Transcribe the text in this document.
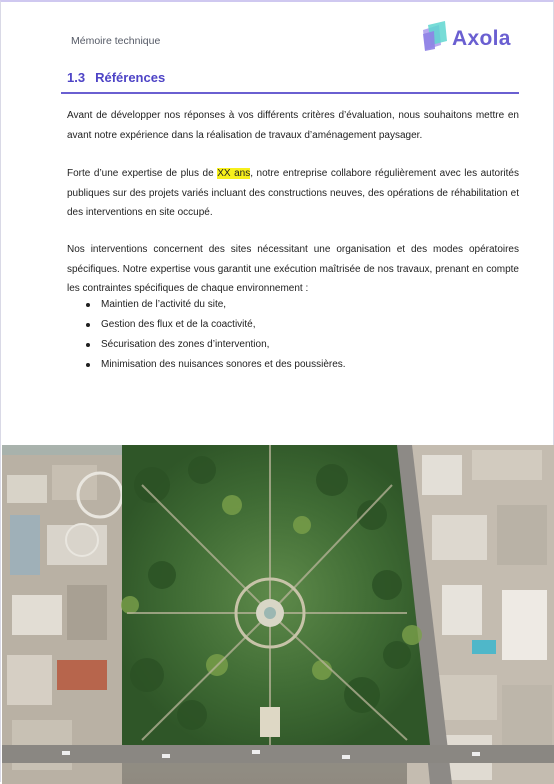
Mémoire technique	Axola
1.3 Références

Avant de développer nos réponses à vos différents critères d’évaluation, nous souhaitons mettre en avant notre expérience dans la réalisation de travaux d’aménagement paysager.

Forte d’une expertise de plus de XX ans, notre entreprise collabore régulièrement avec les autorités publiques sur des projets variés incluant des constructions neuves, des opérations de réhabilitation et des interventions en site occupé.

Nos interventions concernent des sites nécessitant une organisation et des modes opératoires spécifiques. Notre expertise vous garantit une exécution maîtrisée de nos travaux, prenant en compte les contraintes spécifiques de chaque environnement :

Maintien de l’activité du site,
Gestion des flux et de la coactivité,
Sécurisation des zones d’intervention,
Minimisation des nuisances sonores et des poussières.
